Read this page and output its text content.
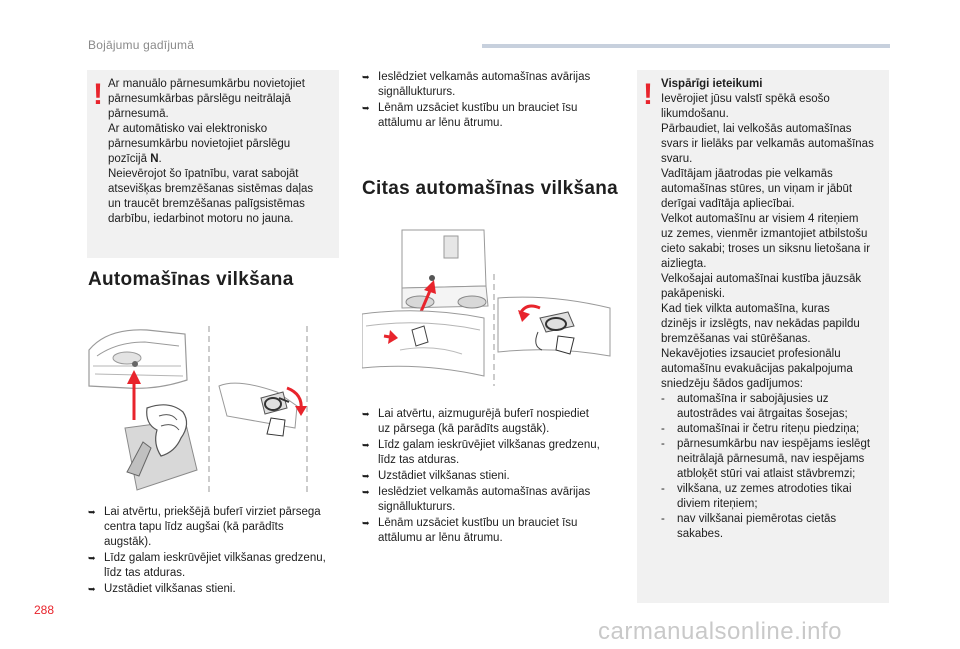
Bojājumu gadījumā
! Ar manuālo pārnesumkārbu novietojiet

pārnesumkārbas pārslēgu neitrālajā

pārnesumā.

Ar automātisko vai elektronisko

pārnesumkārbu novietojiet pārslēgu

pozīcijā N.

Neievērojot šo īpatnību, varat sabojāt

atsevišķas bremzēšanas sistēmas daļas

un traucēt bremzēšanas palīgsistēmas

darbību, iedarbinot motoru no jauna.

Automašīnas vilkšana
➥ Lai atvērtu, priekšējā buferī virziet pārsega
centra tapu līdz augšai (kā parādīts
augstāk).
➥ Līdz galam ieskrūvējiet vilkšanas gredzenu,
līdz tas atduras.
➥ Uzstādiet vilkšanas stieni.
➥ Ieslēdziet velkamās automašīnas avārijas
signālluktururs.
➥ Lēnām uzsāciet kustību un brauciet īsu
attālumu ar lēnu ātrumu.
Citas automašīnas vilkšana
➥ Lai atvērtu, aizmugurējā buferī nospiediet
uz pārsega (kā parādīts augstāk).
➥ Līdz galam ieskrūvējiet vilkšanas gredzenu,
līdz tas atduras.
➥ Uzstādiet vilkšanas stieni.
➥ Ieslēdziet velkamās automašīnas avārijas
signālluktururs.
➥ Lēnām uzsāciet kustību un brauciet īsu
attālumu ar lēnu ātrumu.
! Vispārīgi ieteikumi

Ievērojiet jūsu valstī spēkā esošo

likumdošanu.

Pārbaudiet, lai velkošās automašīnas

svars ir lielāks par velkamās automašīnas

svaru.

Vadītājam jāatrodas pie velkamās

automašīnas stūres, un viņam ir jābūt

derīgai vadītāja apliecībai.

Velkot automašīnu ar visiem 4 riteņiem

uz zemes, vienmēr izmantojiet atbilstošu

cieto sakabi; troses un siksnu lietošana ir

aizliegta.

Velkošajai automašīnai kustība jāuzsāk

pakāpeniski.

Kad tiek vilkta automašīna, kuras

dzinējs ir izslēgts, nav nekādas papildu

bremzēšanas vai stūrēšanas.

Nekavējoties izsauciet profesionālu

automašīnu evakuācijas pakalpojuma

sniedzēju šādos gadījumos:

- automašīna ir sabojājusies uz
autostrādes vai ātrgaitas šosejas;
- automašīnai ir četru riteņu piedziņa;
- pārnesumkārbu nav iespējams ieslēgt
neitrālajā pārnesumā, nav iespējams
atbloķēt stūri vai atlaist stāvbremzi;
- vilkšana, uz zemes atrodoties tikai
diviem riteņiem;
- nav vilkšanai piemērotas cietās
sakabes.
288
carmanualsonline.info
